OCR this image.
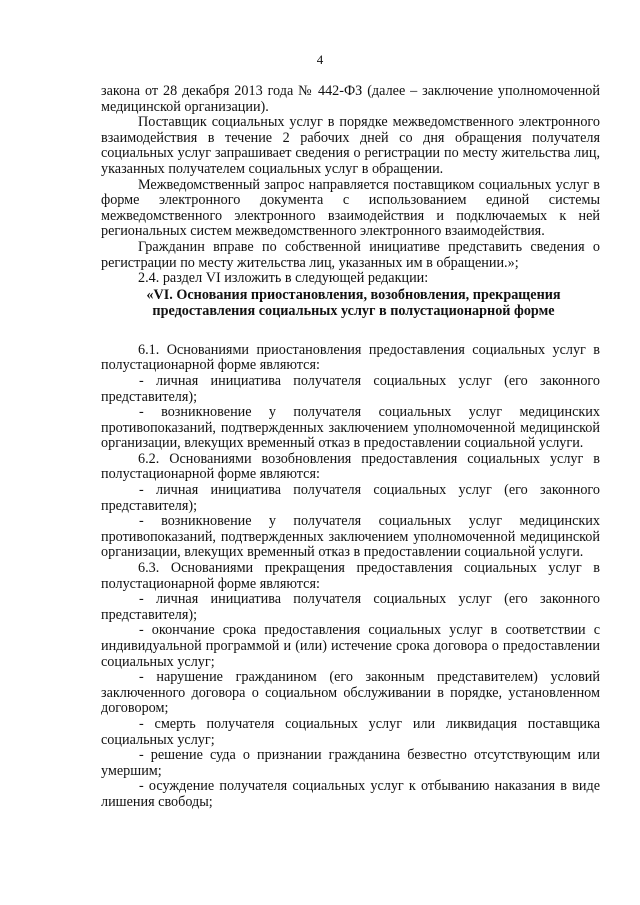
4

закона от 28 декабря 2013 года № 442-ФЗ (далее – заключение уполномоченной медицинской организации).

Поставщик социальных услуг в порядке межведомственного электронного взаимодействия в течение 2 рабочих дней со дня обращения получателя социальных услуг запрашивает сведения о регистрации по месту жительства лиц, указанных получателем социальных услуг в обращении.

Межведомственный запрос направляется поставщиком социальных услуг в форме электронного документа с использованием единой системы межведомственного электронного взаимодействия и подключаемых к ней региональных систем межведомственного электронного взаимодействия.

Гражданин вправе по собственной инициативе представить сведения о регистрации по месту жительства лиц, указанных им в обращении.»;

2.4. раздел VI изложить в следующей редакции:

«VI. Основания приостановления, возобновления, прекращения
предоставления социальных услуг в полустационарной форме

6.1. Основаниями приостановления предоставления социальных услуг в полустационарной форме являются:

- личная инициатива получателя социальных услуг (его законного представителя);

- возникновение у получателя социальных услуг медицинских противопоказаний, подтвержденных заключением уполномоченной медицинской организации, влекущих временный отказ в предоставлении социальной услуги.

6.2. Основаниями возобновления предоставления социальных услуг в полустационарной форме являются:

- личная инициатива получателя социальных услуг (его законного представителя);

- возникновение у получателя социальных услуг медицинских противопоказаний, подтвержденных заключением уполномоченной медицинской организации, влекущих временный отказ в предоставлении социальной услуги.

6.3. Основаниями прекращения предоставления социальных услуг в полустационарной форме являются:

- личная инициатива получателя социальных услуг (его законного представителя);

- окончание срока предоставления социальных услуг в соответствии с индивидуальной программой и (или) истечение срока договора о предоставлении социальных услуг;

- нарушение гражданином (его законным представителем) условий заключенного договора о социальном обслуживании в порядке, установленном договором;

- смерть получателя социальных услуг или ликвидация поставщика социальных услуг;

- решение суда о признании гражданина безвестно отсутствующим или умершим;

- осуждение получателя социальных услуг к отбыванию наказания в виде лишения свободы;
